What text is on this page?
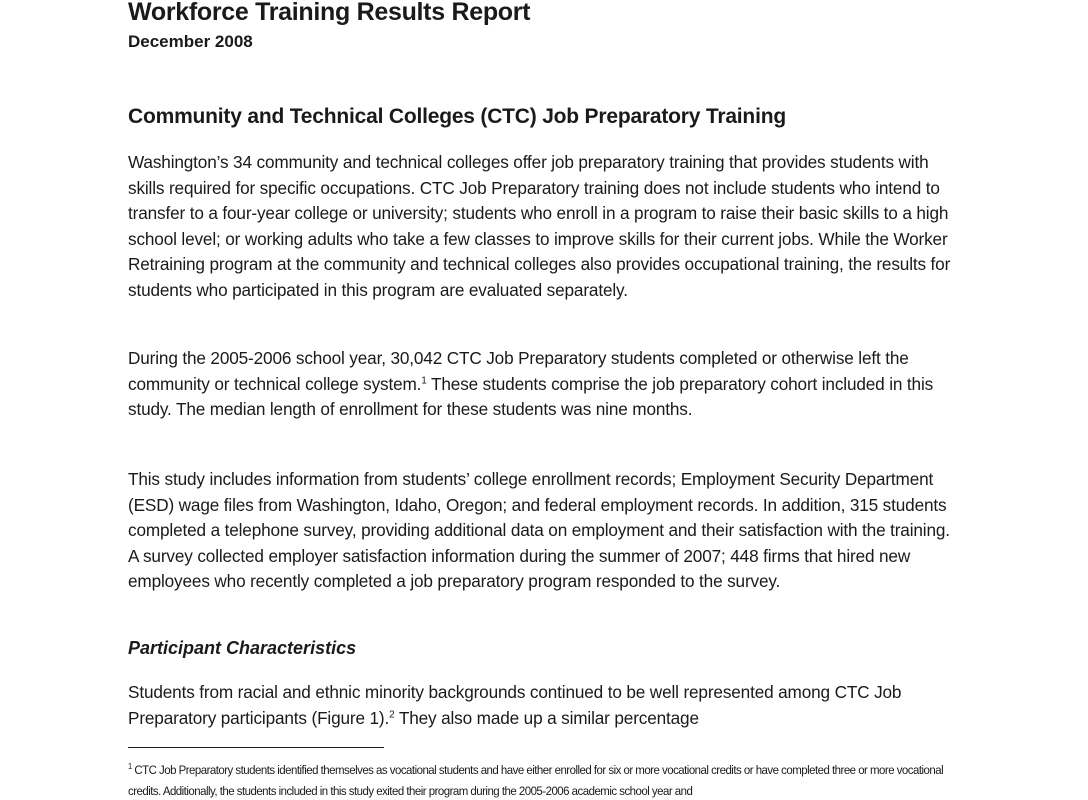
Workforce Training Results Report
December 2008
Community and Technical Colleges (CTC) Job Preparatory Training

Washington’s 34 community and technical colleges offer job preparatory training that provides students with skills required for specific occupations. CTC Job Preparatory training does not include students who intend to transfer to a four-year college or university; students who enroll in a program to raise their basic skills to a high school level; or working adults who take a few classes to improve skills for their current jobs. While the Worker Retraining program at the community and technical colleges also provides occupational training, the results for students who participated in this program are evaluated separately.

During the 2005-2006 school year, 30,042 CTC Job Preparatory students completed or otherwise left the community or technical college system.$^1$ These students comprise the job preparatory cohort included in this study. The median length of enrollment for these students was nine months.

This study includes information from students’ college enrollment records; Employment Security Department (ESD) wage files from Washington, Idaho, Oregon; and federal employment records. In addition, 315 students completed a telephone survey, providing additional data on employment and their satisfaction with the training. A survey collected employer satisfaction information during the summer of 2007; 448 firms that hired new employees who recently completed a job preparatory program responded to the survey.

Participant Characteristics

Students from racial and ethnic minority backgrounds continued to be well represented among CTC Job Preparatory participants (Figure 1).$^2$ They also made up a similar percentage

$^1$ CTC Job Preparatory students identified themselves as vocational students and have either enrolled for six or more vocational credits or have completed three or more vocational credits. Additionally, the students included in this study exited their program during the 2005-2006 academic school year and
